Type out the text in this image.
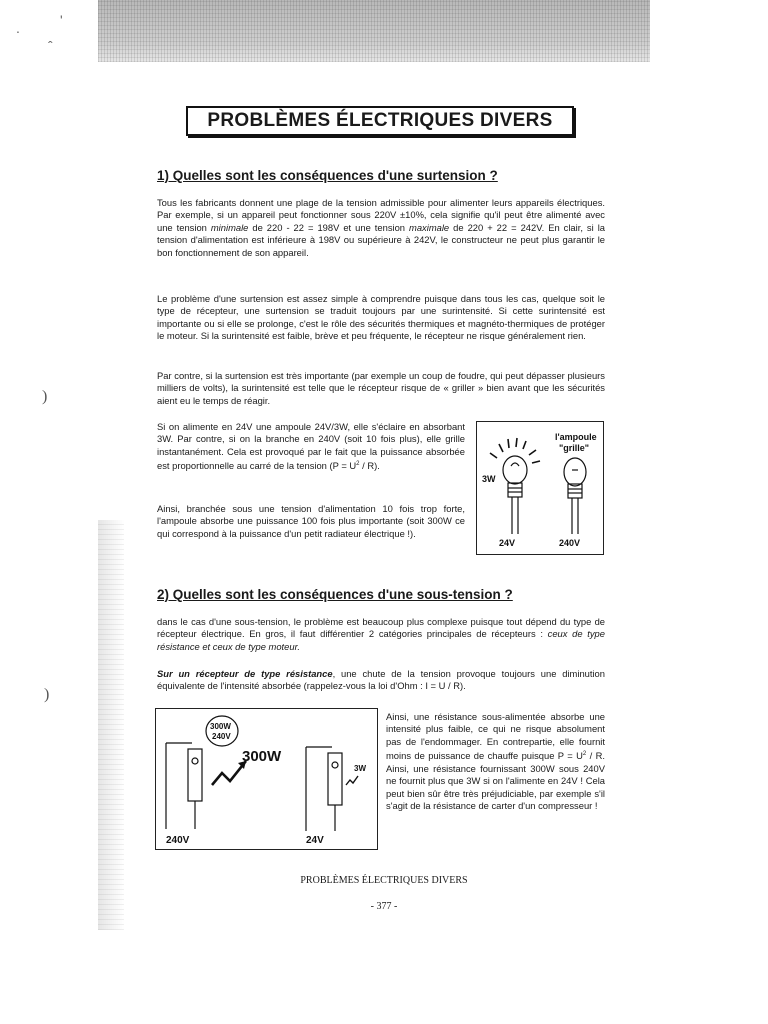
.
ˆ
'
)
)
PROBLÈMES ÉLECTRIQUES DIVERS
1) Quelles sont les conséquences d'une surtension ?

Tous les fabricants donnent une plage de la tension admissible pour alimenter leurs appareils électriques. Par exemple, si un appareil peut fonctionner sous 220V ±10%, cela signifie qu'il peut être alimenté avec une tension minimale de 220 - 22 = 198V et une tension maximale de 220 + 22 = 242V. En clair, si la tension d'alimentation est inférieure à 198V ou supérieure à 242V, le constructeur ne peut plus garantir le bon fonctionnement de son appareil.

Le problème d'une surtension est assez simple à comprendre puisque dans tous les cas, quelque soit le type de récepteur, une surtension se traduit toujours par une surintensité. Si cette surintensité est importante ou si elle se prolonge, c'est le rôle des sécurités thermiques et magnéto-thermiques de protéger le moteur. Si la surintensité est faible, brève et peu fréquente, le récepteur ne risque généralement rien.

Par contre, si la surtension est très importante (par exemple un coup de foudre, qui peut dépasser plusieurs milliers de volts), la surintensité est telle que le récepteur risque de « griller » bien avant que les sécurités aient eu le temps de réagir.

Si on alimente en 24V une ampoule 24V/3W, elle s'éclaire en absorbant 3W. Par contre, si on la branche en 240V (soit 10 fois plus), elle grille instantanément. Cela est provoqué par le fait que la puissance absorbée est proportionnelle au carré de la tension $(P = U^2 / R)$.

Ainsi, branchée sous une tension d'alimentation 10 fois trop forte, l'ampoule absorbe une puissance 100 fois plus importante (soit 300W ce qui correspond à la puissance d'un petit radiateur électrique !).

l'ampoule
"grille"
3W
24V	240V
2) Quelles sont les conséquences d'une sous-tension ?

dans le cas d'une sous-tension, le problème est beaucoup plus complexe puisque tout dépend du type de récepteur électrique. En gros, il faut différentier 2 catégories principales de récepteurs : ceux de type résistance et ceux de type moteur.

Sur un récepteur de type résistance, une chute de la tension provoque toujours une diminution équivalente de l'intensité absorbée (rappelez-vous la loi d'Ohm : I = U / R).

300W
240V
300W
3W
240V	24V

Ainsi, une résistance sous-alimentée absorbe une intensité plus faible, ce qui ne risque absolument pas de l'endommager. En contrepartie, elle fournit moins de puissance de chauffe puisque $P = U^2 / R$. Ainsi, une résistance fournissant 300W sous 240V ne fournit plus que 3W si on l'alimente en 24V ! Cela peut bien sûr être très préjudiciable, par exemple s'il s'agit de la résistance de carter d'un compresseur !

PROBLÈMES ÉLECTRIQUES DIVERS
- 377 -
